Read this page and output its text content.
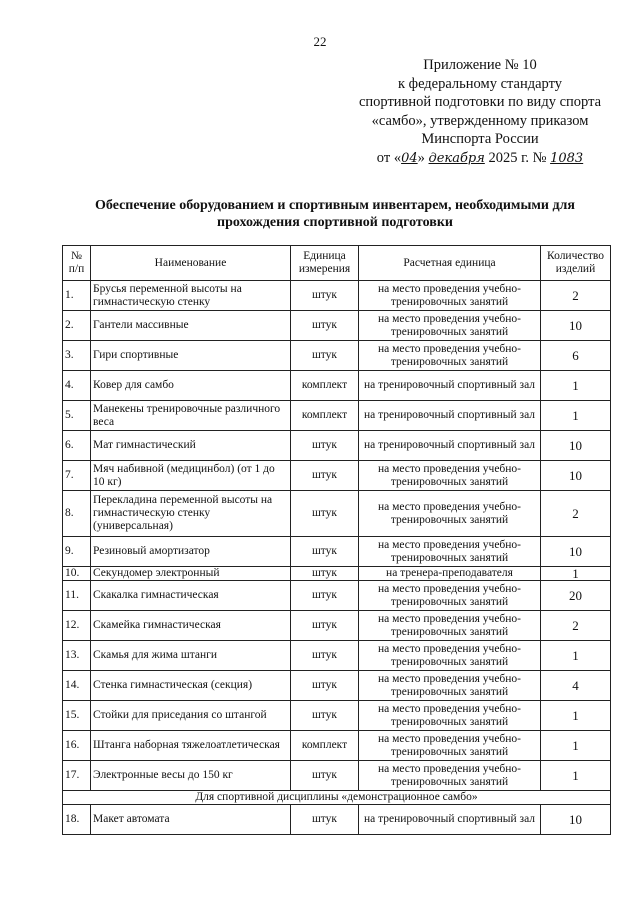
22
Приложение № 10
к федеральному стандарту
спортивной подготовки по виду спорта
«самбо», утвержденному приказом
Минспорта России
от «04» декабря 2025 г. № 1083
Обеспечение оборудованием и спортивным инвентарем, необходимыми для прохождения спортивной подготовки
№ п/п	Наименование	Единица измерения	Расчетная единица	Количество изделий
1.	Брусья переменной высоты на гимнастическую стенку	штук	на место проведения учебно-тренировочных занятий	2
2.	Гантели массивные	штук	на место проведения учебно-тренировочных занятий	10
3.	Гири спортивные	штук	на место проведения учебно-тренировочных занятий	6
4.	Ковер для самбо	комплект	на тренировочный спортивный зал	1
5.	Манекены тренировочные различного веса	комплект	на тренировочный спортивный зал	1
6.	Мат гимнастический	штук	на тренировочный спортивный зал	10
7.	Мяч набивной (медицинбол) (от 1 до 10 кг)	штук	на место проведения учебно-тренировочных занятий	10
8.	Перекладина переменной высоты на гимнастическую стенку (универсальная)	штук	на место проведения учебно-тренировочных занятий	2
9.	Резиновый амортизатор	штук	на место проведения учебно-тренировочных занятий	10
10.	Секундомер электронный	штук	на тренера-преподавателя	1
11.	Скакалка гимнастическая	штук	на место проведения учебно-тренировочных занятий	20
12.	Скамейка гимнастическая	штук	на место проведения учебно-тренировочных занятий	2
13.	Скамья для жима штанги	штук	на место проведения учебно-тренировочных занятий	1
14.	Стенка гимнастическая (секция)	штук	на место проведения учебно-тренировочных занятий	4
15.	Стойки для приседания со штангой	штук	на место проведения учебно-тренировочных занятий	1
16.	Штанга наборная тяжелоатлетическая	комплект	на место проведения учебно-тренировочных занятий	1
17.	Электронные весы до 150 кг	штук	на место проведения учебно-тренировочных занятий	1
Для спортивной дисциплины «демонстрационное самбо»				
18.	Макет автомата	штук	на тренировочный спортивный зал	10
